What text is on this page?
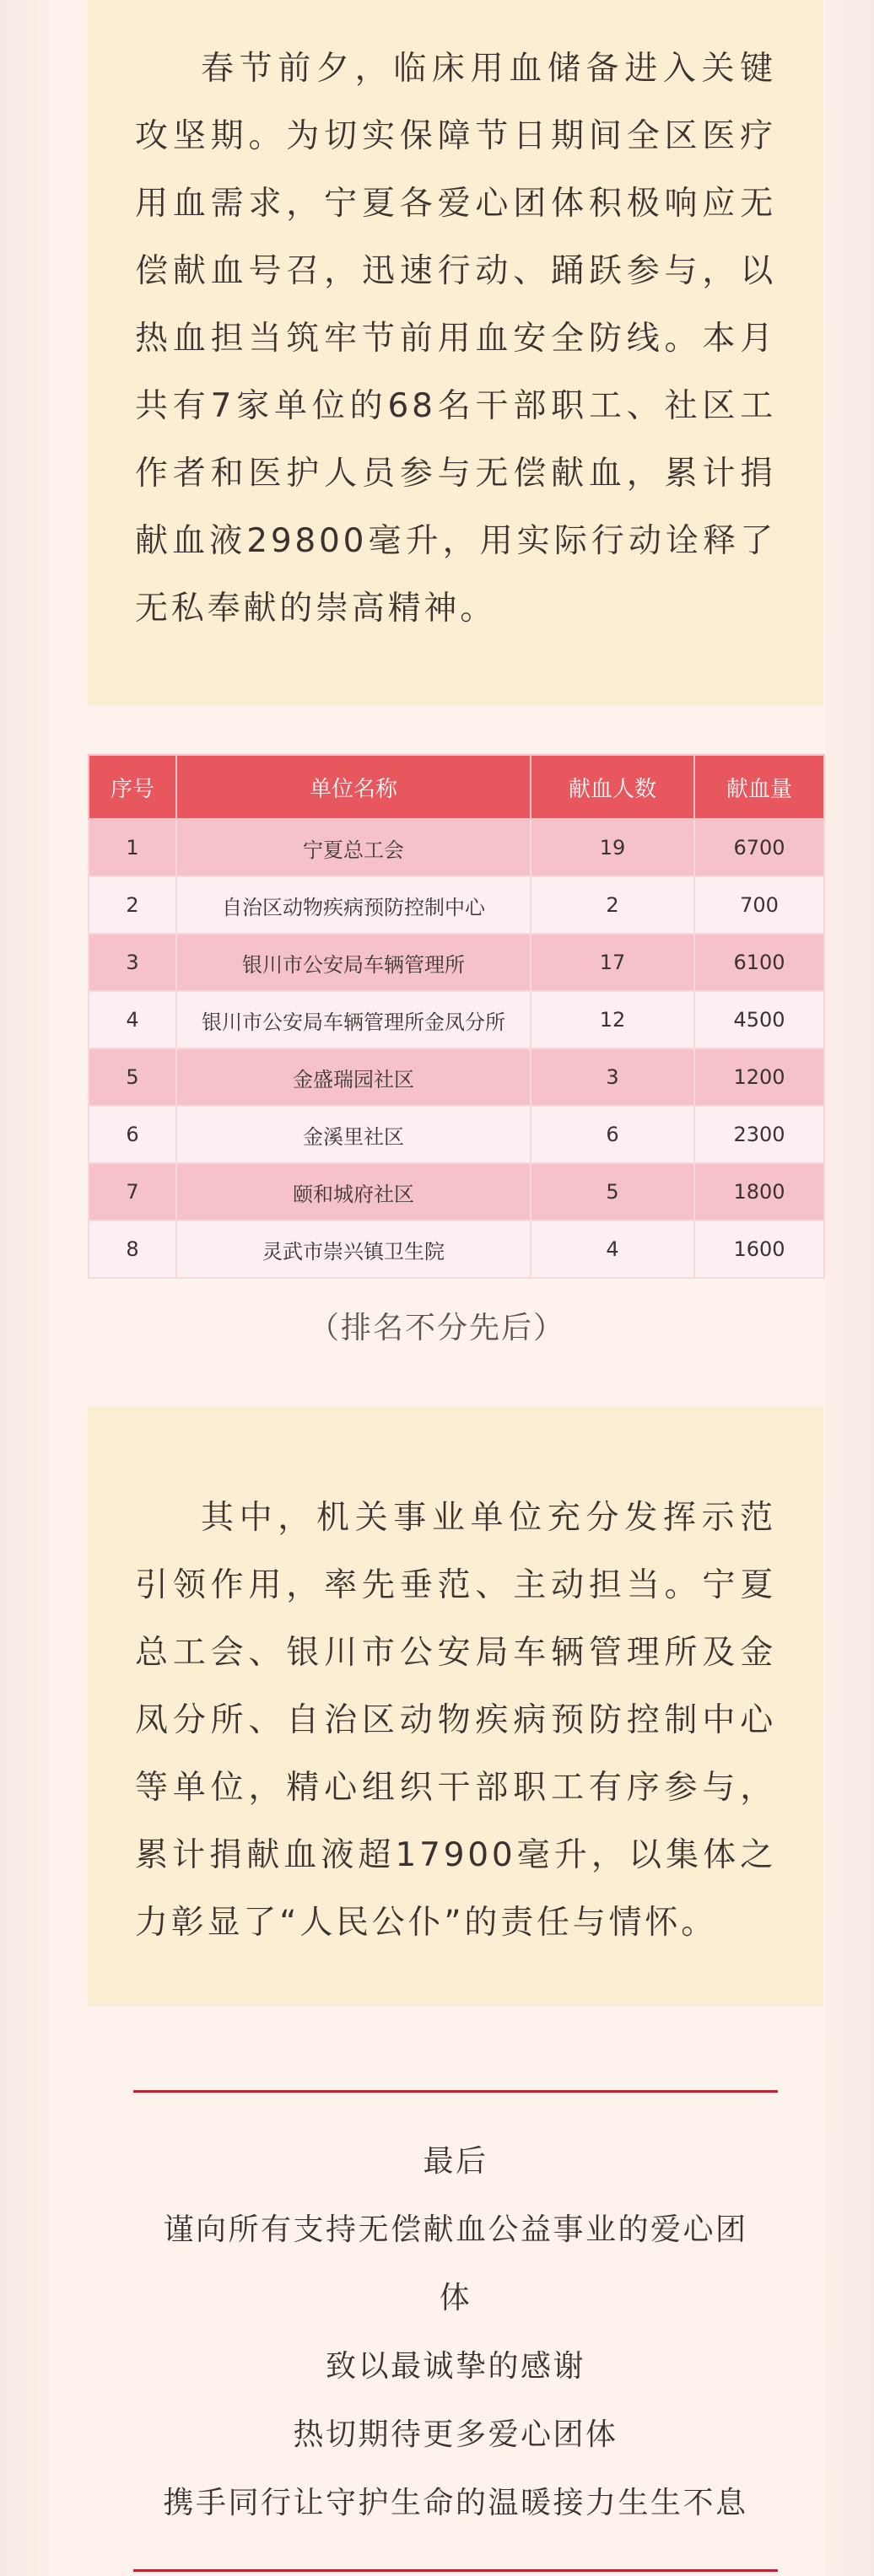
春节前夕，临床用血储备进入关键攻坚期。为切实保障节日期间全区医疗用血需求，宁夏各爱心团体积极响应无偿献血号召，迅速行动、踊跃参与，以热血担当筑牢节前用血安全防线。本月共有7家单位的68名干部职工、社区工作者和医护人员参与无偿献血，累计捐献血液29800毫升，用实际行动诠释了无私奉献的崇高精神。

序号	单位名称	献血人数	献血量
1	宁夏总工会	19	6700
2	自治区动物疾病预防控制中心	2	700
3	银川市公安局车辆管理所	17	6100
4	银川市公安局车辆管理所金凤分所	12	4500
5	金盛瑞园社区	3	1200
6	金溪里社区	6	2300
7	颐和城府社区	5	1800
8	灵武市崇兴镇卫生院	4	1600
（排名不分先后）

其中，机关事业单位充分发挥示范引领作用，率先垂范、主动担当。宁夏总工会、银川市公安局车辆管理所及金凤分所、自治区动物疾病预防控制中心等单位，精心组织干部职工有序参与，累计捐献血液超17900毫升，以集体之力彰显了“人民公仆”的责任与情怀。

最后
谨向所有支持无偿献血公益事业的爱心团
体
致以最诚挚的感谢
热切期待更多爱心团体
携手同行让守护生命的温暖接力生生不息
